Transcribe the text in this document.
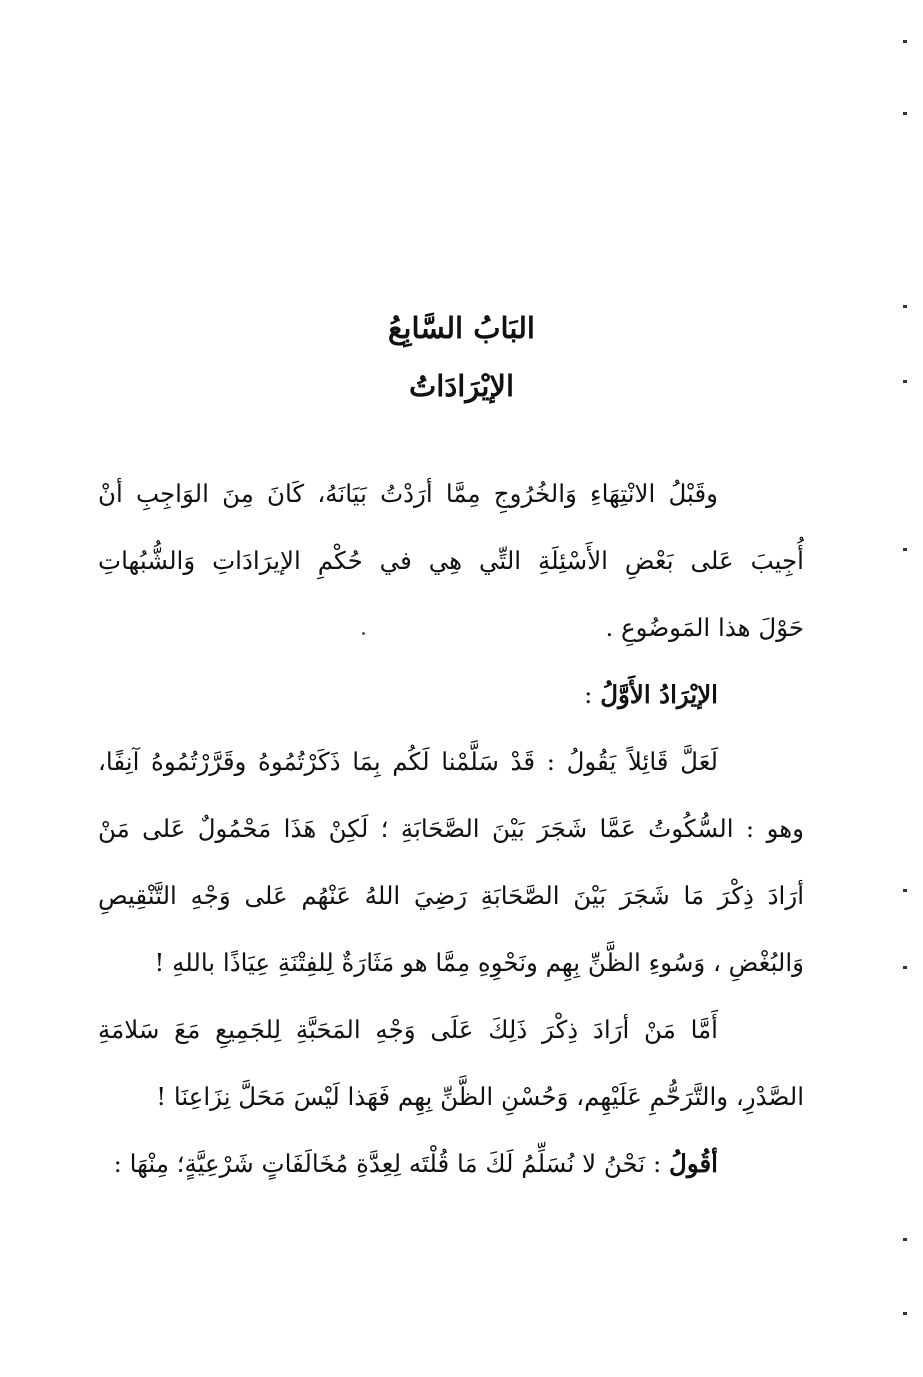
البَابُ السَّابِعُ
الإيْرَادَاتُ
وقَبْلُ الانْتِهَاءِ وَالخُرُوجِ مِمَّا أرَدْتُ بَيَانَهُ، كَانَ مِنَ الوَاجِبِ أنْ
أُجِيبَ عَلى بَعْضِ الأَسْئِلَةِ التِّي هِي في حُكْمِ الإيرَادَاتِ وَالشُّبُهاتِ
حَوْلَ هذا المَوضُوعِ .
الإيْرَادُ الأَوَّلُ :
لَعَلَّ قَائِلاً يَقُولُ : قَدْ سَلَّمْنا لَكُم بِمَا ذَكَرْتُمُوهُ وقَرَّرْتُمُوهُ آنِفًا،
وهو : السُّكُوتُ عَمَّا شَجَرَ بَيْنَ الصَّحَابَةِ ؛ لَكِنْ هَذَا مَحْمُولٌ عَلى مَنْ
أرَادَ ذِكْرَ مَا شَجَرَ بَيْنَ الصَّحَابَةِ رَضِيَ اللهُ عَنْهُم عَلى وَجْهِ التَّنْقِيصِ
وَالبُغْضِ ، وَسُوءِ الظَّنِّ بِهِم ونَحْوِهِ مِمَّا هو مَثَارَةٌ لِلفِتْنَةِ عِيَاذًا باللهِ !
أَمَّا مَنْ أرَادَ ذِكْرَ ذَلِكَ عَلَى وَجْهِ المَحَبَّةِ لِلجَمِيعِ مَعَ سَلامَةِ
الصَّدْرِ، والتَّرَحُّمِ عَلَيْهِم، وَحُسْنِ الظَّنِّ بِهِم فَهَذا لَيْسَ مَحَلَّ نِزَاعِنَا !
أقُولُ : نَحْنُ لا نُسَلِّمُ لَكَ مَا قُلْتَه لِعِدَّةِ مُخَالَفَاتٍ شَرْعِيَّةٍ؛ مِنْهَا :
